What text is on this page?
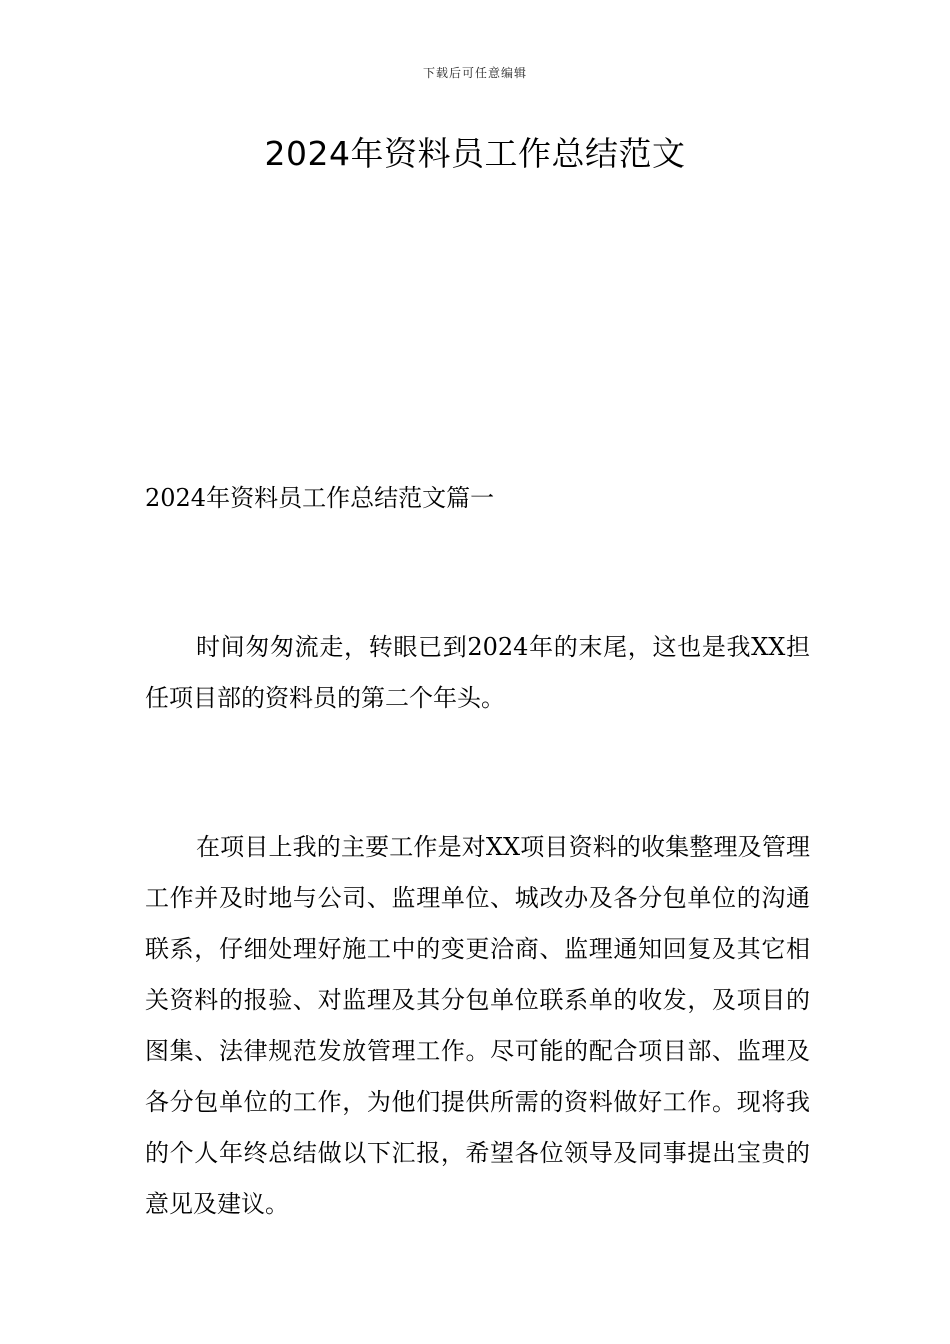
下载后可任意编辑
2024年资料员工作总结范文
2024年资料员工作总结范文篇一

时间匆匆流走，转眼已到2024年的末尾，这也是我XX担任项目部的资料员的第二个年头。

在项目上我的主要工作是对XX项目资料的收集整理及管理工作并及时地与公司、监理单位、城改办及各分包单位的沟通联系，仔细处理好施工中的变更洽商、监理通知回复及其它相关资料的报验、对监理及其分包单位联系单的收发，及项目的图集、法律规范发放管理工作。尽可能的配合项目部、监理及各分包单位的工作，为他们提供所需的资料做好工作。现将我的个人年终总结做以下汇报，希望各位领导及同事提出宝贵的意见及建议。
